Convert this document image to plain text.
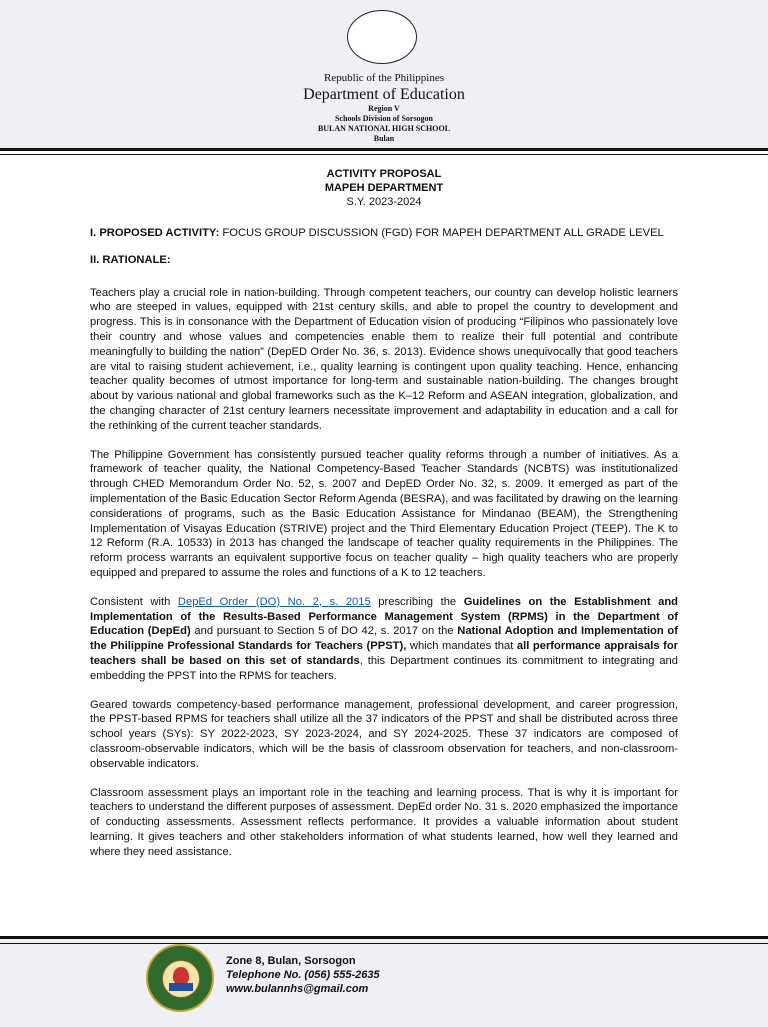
Republic of the Philippines
Department of Education
Region V
Schools Division of Sorsogon
BULAN NATIONAL HIGH SCHOOL
Bulan
ACTIVITY PROPOSAL
MAPEH DEPARTMENT
S.Y. 2023-2024

I. PROPOSED ACTIVITY: FOCUS GROUP DISCUSSION (FGD) FOR MAPEH DEPARTMENT ALL GRADE LEVEL

II. RATIONALE:

Teachers play a crucial role in nation-building. Through competent teachers, our country can develop holistic learners who are steeped in values, equipped with 21st century skills, and able to propel the country to development and progress. This is in consonance with the Department of Education vision of producing “Filipinos who passionately love their country and whose values and competencies enable them to realize their full potential and contribute meaningfully to building the nation” (DepED Order No. 36, s. 2013). Evidence shows unequivocally that good teachers are vital to raising student achievement, i.e., quality learning is contingent upon quality teaching. Hence, enhancing teacher quality becomes of utmost importance for long-term and sustainable nation-building. The changes brought about by various national and global frameworks such as the K–12 Reform and ASEAN integration, globalization, and the changing character of 21st century learners necessitate improvement and adaptability in education and a call for the rethinking of the current teacher standards.

The Philippine Government has consistently pursued teacher quality reforms through a number of initiatives. As a framework of teacher quality, the National Competency-Based Teacher Standards (NCBTS) was institutionalized through CHED Memorandum Order No. 52, s. 2007 and DepED Order No. 32, s. 2009. It emerged as part of the implementation of the Basic Education Sector Reform Agenda (BESRA), and was facilitated by drawing on the learning considerations of programs, such as the Basic Education Assistance for Mindanao (BEAM), the Strengthening Implementation of Visayas Education (STRIVE) project and the Third Elementary Education Project (TEEP). The K to 12 Reform (R.A. 10533) in 2013 has changed the landscape of teacher quality requirements in the Philippines. The reform process warrants an equivalent supportive focus on teacher quality – high quality teachers who are properly equipped and prepared to assume the roles and functions of a K to 12 teachers.

Consistent with DepEd Order (DO) No. 2, s. 2015 prescribing the Guidelines on the Establishment and Implementation of the Results-Based Performance Management System (RPMS) in the Department of Education (DepEd) and pursuant to Section 5 of DO 42, s. 2017 on the National Adoption and Implementation of the Philippine Professional Standards for Teachers (PPST), which mandates that all performance appraisals for teachers shall be based on this set of standards, this Department continues its commitment to integrating and embedding the PPST into the RPMS for teachers.

Geared towards competency-based performance management, professional development, and career progression, the PPST-based RPMS for teachers shall utilize all the 37 indicators of the PPST and shall be distributed across three school years (SYs): SY 2022-2023, SY 2023-2024, and SY 2024-2025. These 37 indicators are composed of classroom-observable indicators, which will be the basis of classroom observation for teachers, and non-classroom-observable indicators.

Classroom assessment plays an important role in the teaching and learning process. That is why it is important for teachers to understand the different purposes of assessment. DepEd order No. 31 s. 2020 emphasized the importance of conducting assessments. Assessment reflects performance. It provides a valuable information about student learning. It gives teachers and other stakeholders information of what students learned, how well they learned and where they need assistance.

Zone 8, Bulan, Sorsogon
Telephone No. (056) 555-2635
www.bulannhs@gmail.com
